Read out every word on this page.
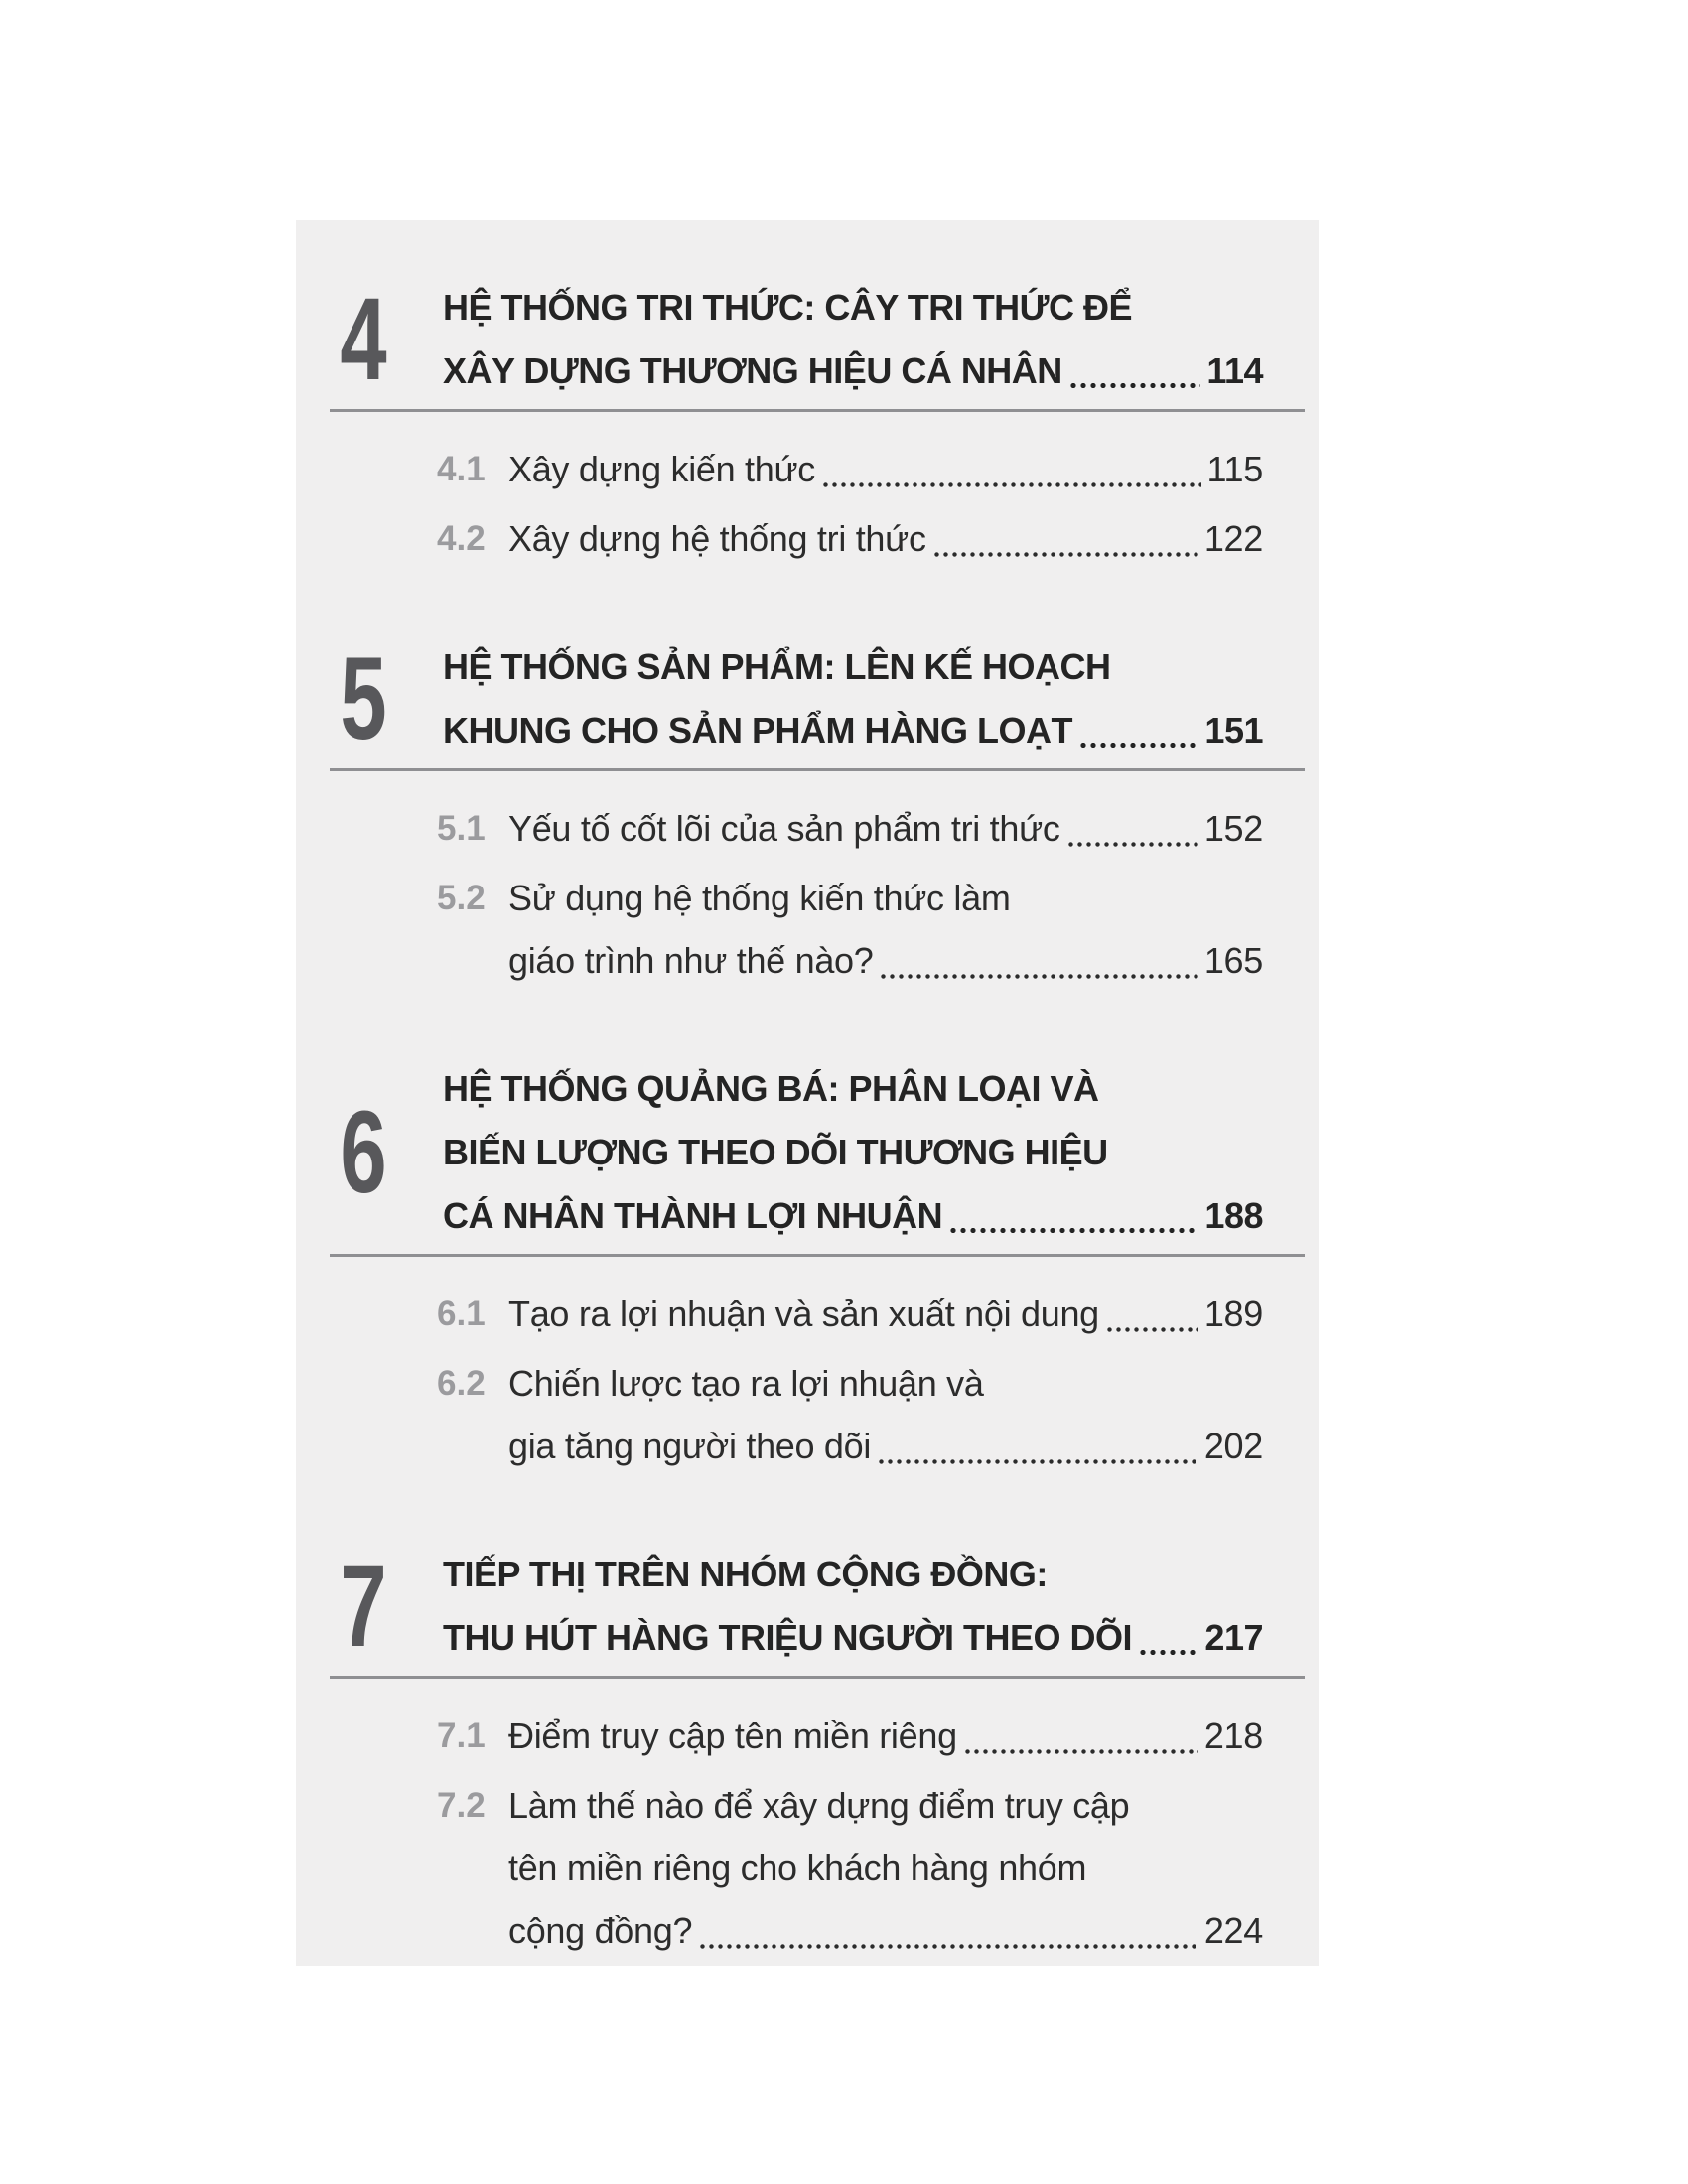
4	HỆ THỐNG TRI THỨC: CÂY TRI THỨC ĐỂ
XÂY DỰNG THƯƠNG HIỆU CÁ NHÂN	114
4.1 Xây dựng kiến thức	115
4.2 Xây dựng hệ thống tri thức	122
5	HỆ THỐNG SẢN PHẨM: LÊN KẾ HOẠCH
KHUNG CHO SẢN PHẨM HÀNG LOẠT	151
5.1 Yếu tố cốt lõi của sản phẩm tri thức	152
5.2 Sử dụng hệ thống kiến thức làm
giáo trình như thế nào?	165
6	HỆ THỐNG QUẢNG BÁ: PHÂN LOẠI VÀ
BIẾN LƯỢNG THEO DÕI THƯƠNG HIỆU
CÁ NHÂN THÀNH LỢI NHUẬN	188
6.1 Tạo ra lợi nhuận và sản xuất nội dung	189
6.2 Chiến lược tạo ra lợi nhuận và
gia tăng người theo dõi	202
7	TIẾP THỊ TRÊN NHÓM CỘNG ĐỒNG:
THU HÚT HÀNG TRIỆU NGƯỜI THEO DÕI 217
7.1 Điểm truy cập tên miền riêng	218
7.2 Làm thế nào để xây dựng điểm truy cập
tên miền riêng cho khách hàng nhóm
cộng đồng?	224
